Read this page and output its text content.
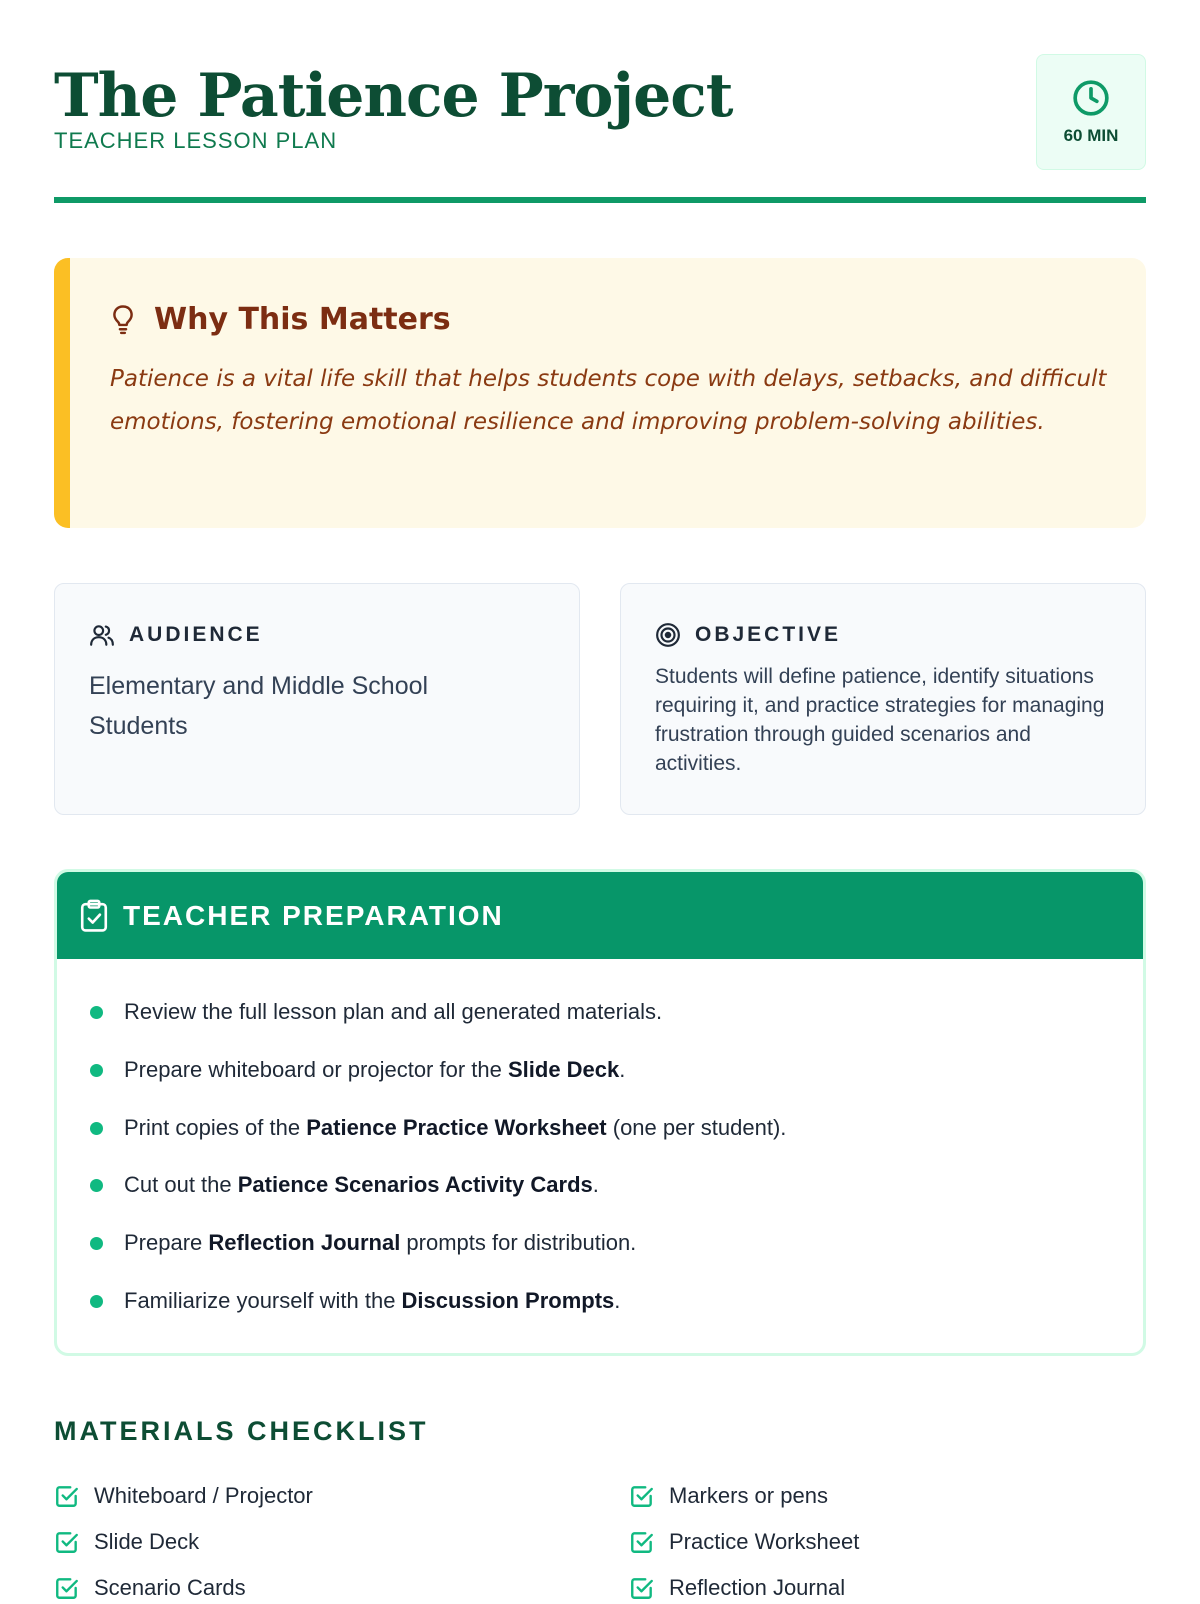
The Patience Project
TEACHER LESSON PLAN	60 MIN
Why This Matters
Patience is a vital life skill that helps students cope with delays, setbacks, and difficult emotions, fostering emotional resilience and improving problem-solving abilities.
AUDIENCE
Elementary and Middle School Students
OBJECTIVE
Students will define patience, identify situations requiring it, and practice strategies for managing frustration through guided scenarios and activities.
TEACHER PREPARATION
Review the full lesson plan and all generated materials.
Prepare whiteboard or projector for the Slide Deck.
Print copies of the Patience Practice Worksheet (one per student).
Cut out the Patience Scenarios Activity Cards.
Prepare Reflection Journal prompts for distribution.
Familiarize yourself with the Discussion Prompts.
MATERIALS CHECKLIST
Whiteboard / Projector	Markers or pens
Slide Deck	Practice Worksheet
Scenario Cards	Reflection Journal
